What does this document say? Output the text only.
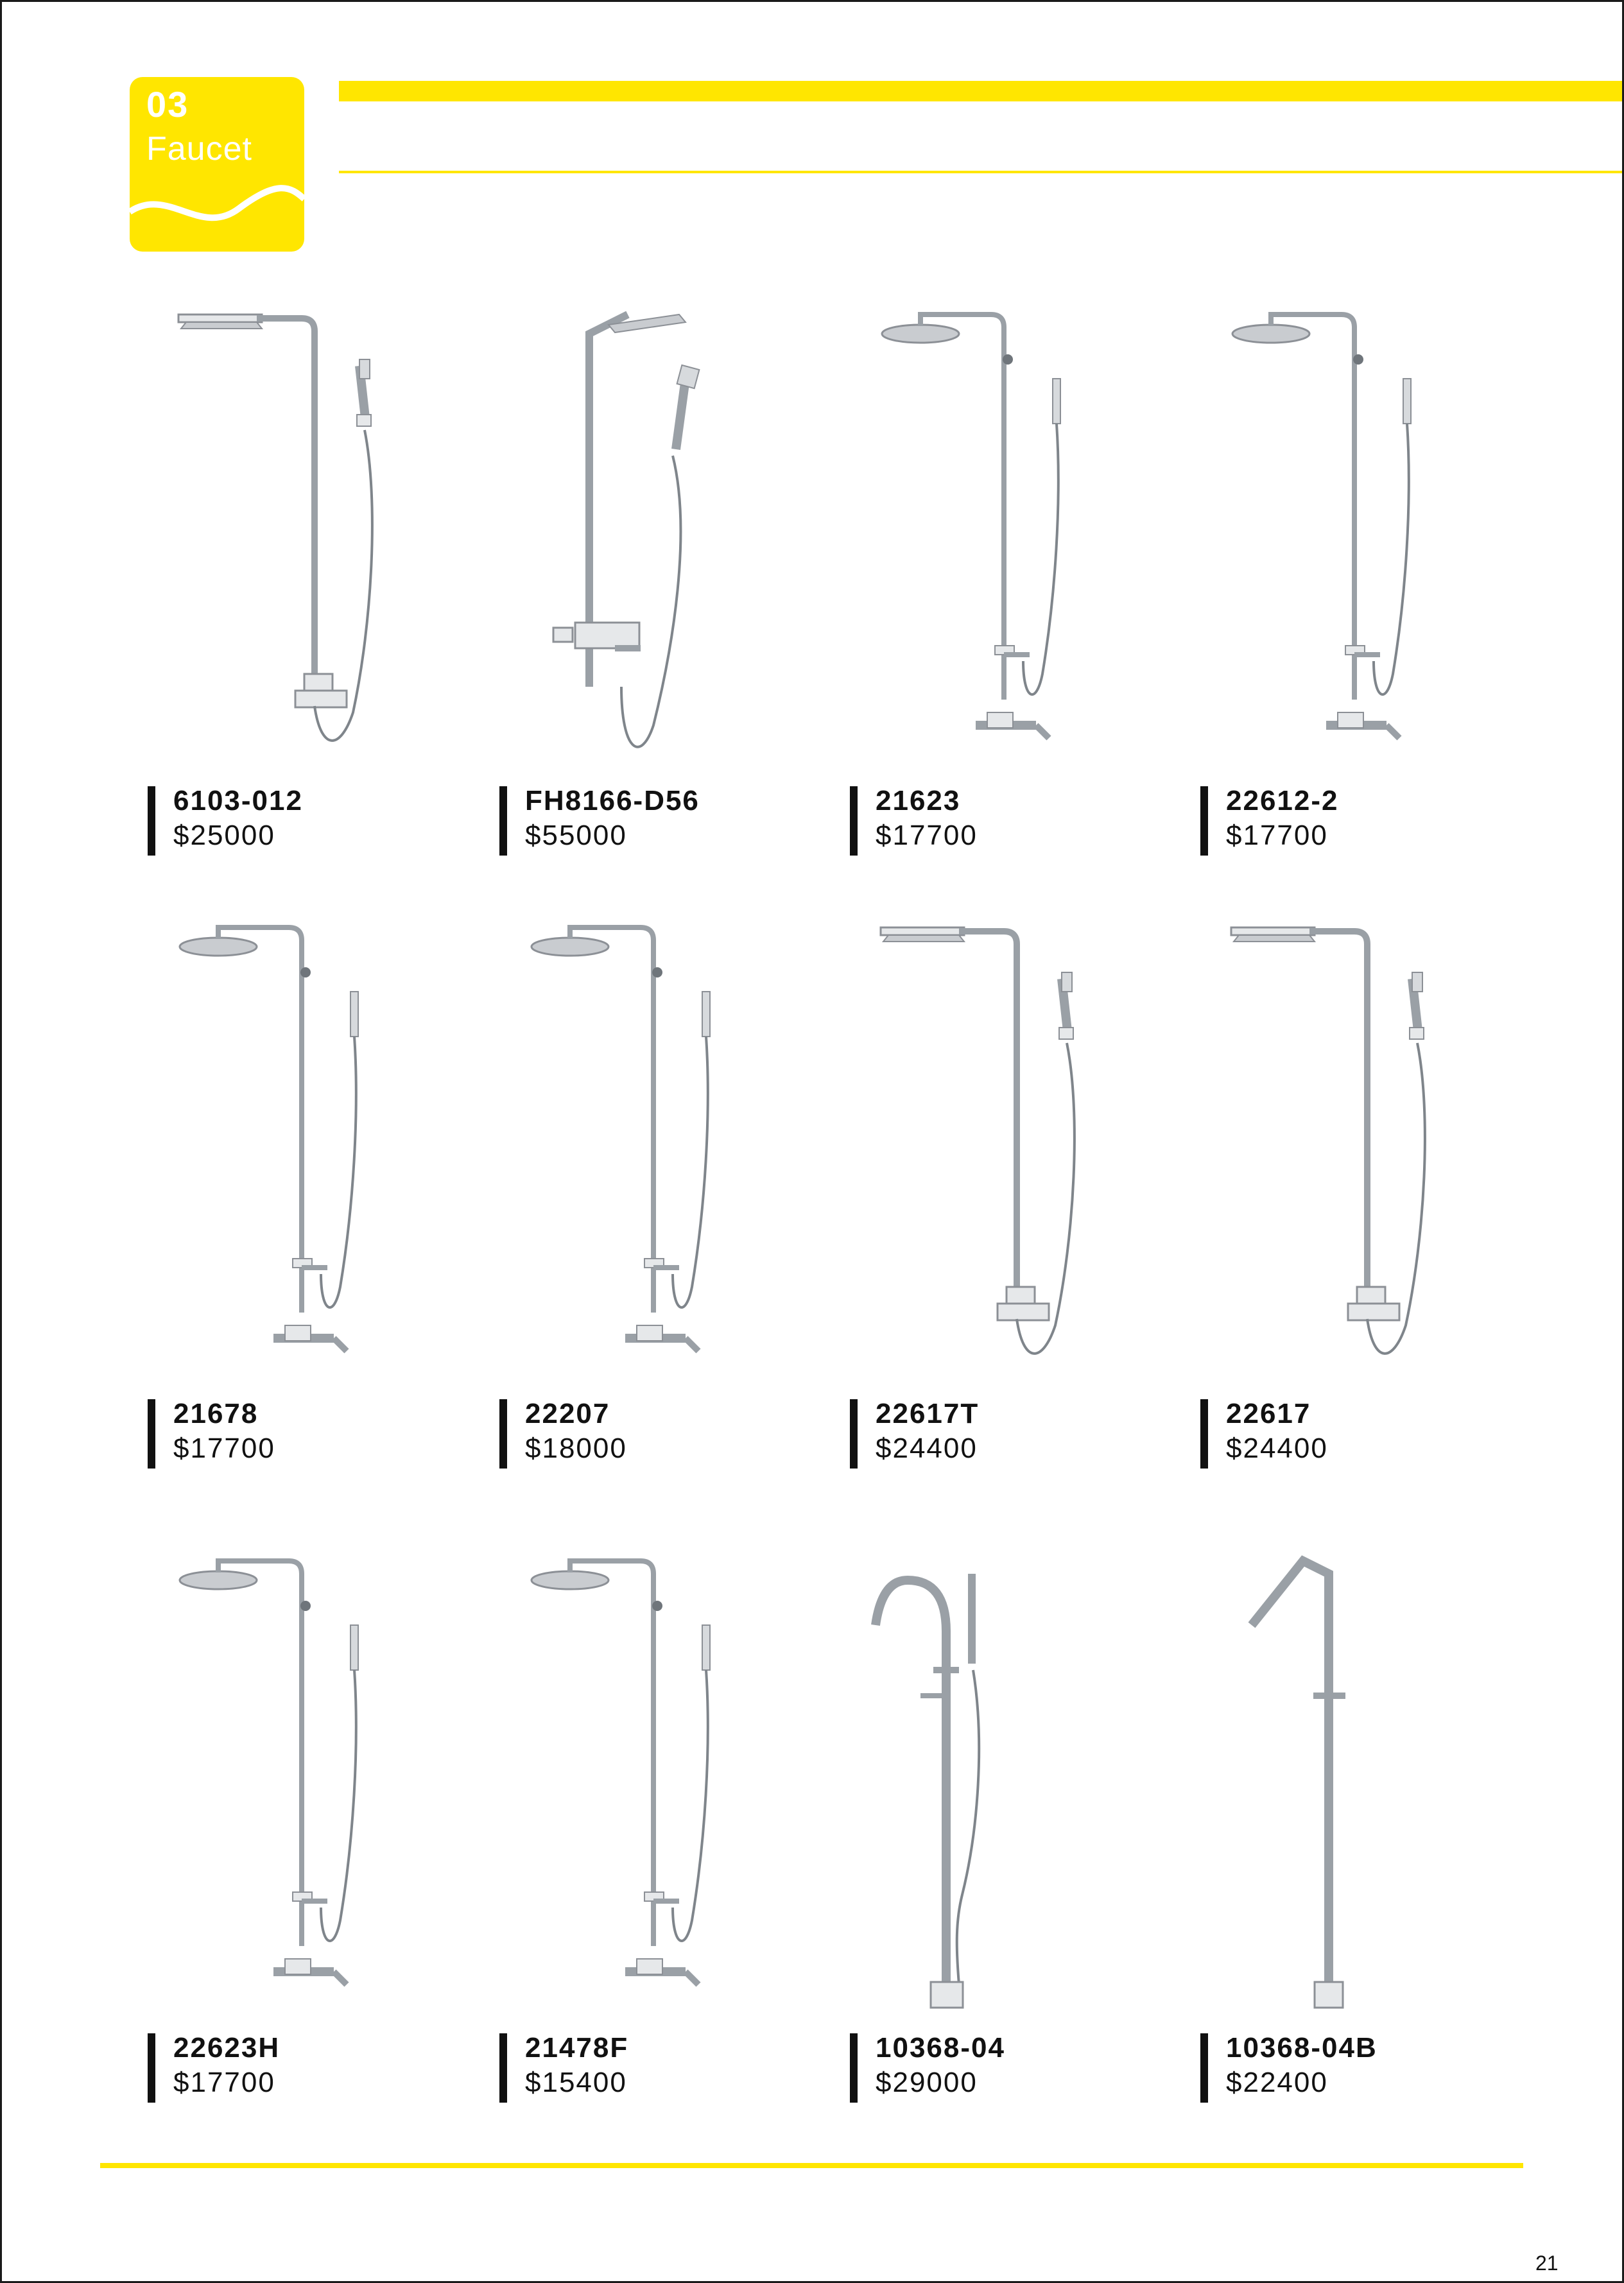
03
Faucet
6103-012
$25000
FH8166-D56
$55000
21623
$17700
22612-2
$17700
21678
$17700
22207
$18000
22617T
$24400
22617
$24400
22623H
$17700
21478F
$15400
10368-04
$29000
10368-04B
$22400
21
